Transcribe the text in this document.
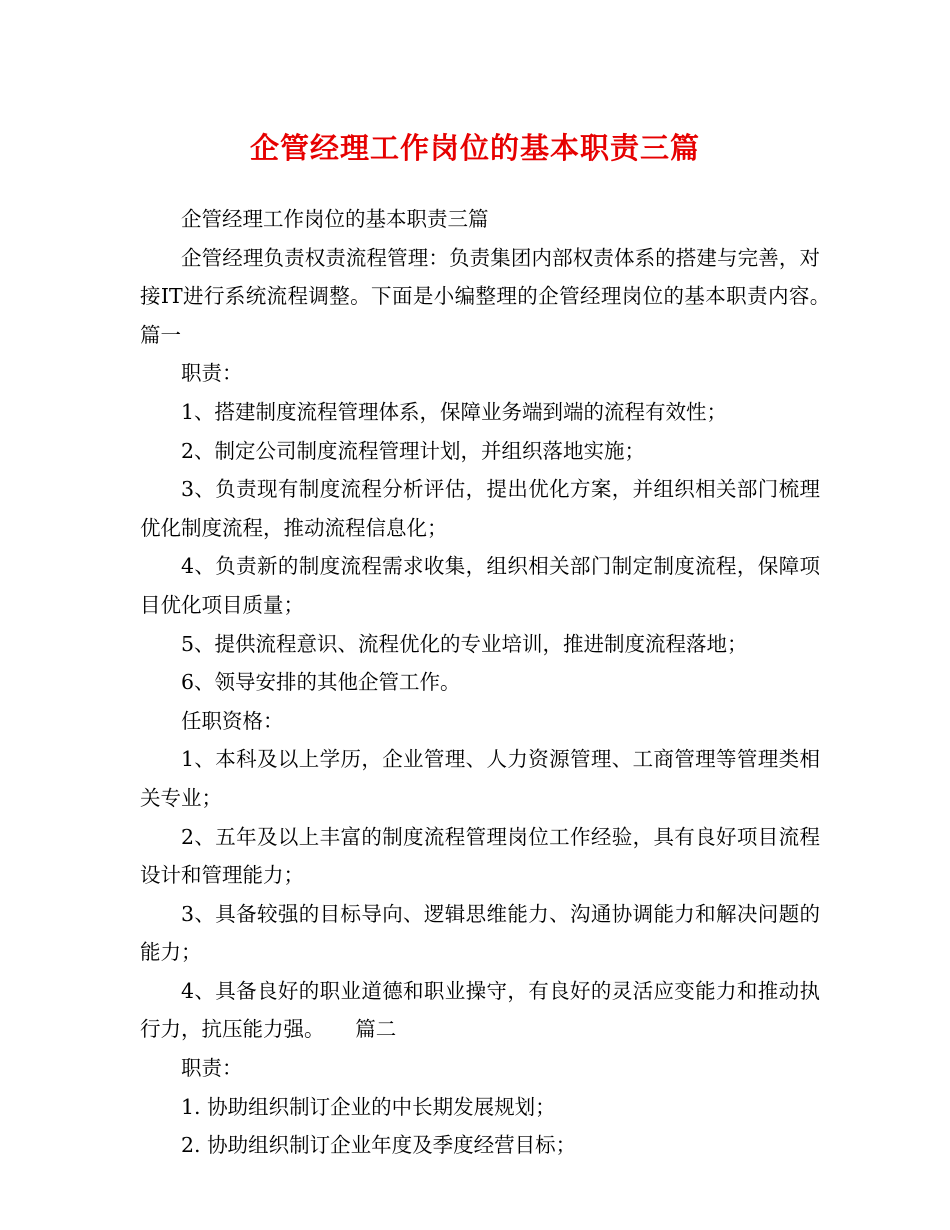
企管经理工作岗位的基本职责三篇

企管经理工作岗位的基本职责三篇

企管经理负责权责流程管理：负责集团内部权责体系的搭建与完善，对接IT进行系统流程调整。下面是小编整理的企管经理岗位的基本职责内容。　　篇一

职责：

1、搭建制度流程管理体系，保障业务端到端的流程有效性；

2、制定公司制度流程管理计划，并组织落地实施；

3、负责现有制度流程分析评估，提出优化方案，并组织相关部门梳理优化制度流程，推动流程信息化；

4、负责新的制度流程需求收集，组织相关部门制定制度流程，保障项目优化项目质量；

5、提供流程意识、流程优化的专业培训，推进制度流程落地；

6、领导安排的其他企管工作。

任职资格：

1、本科及以上学历，企业管理、人力资源管理、工商管理等管理类相关专业；

2、五年及以上丰富的制度流程管理岗位工作经验，具有良好项目流程设计和管理能力；

3、具备较强的目标导向、逻辑思维能力、沟通协调能力和解决问题的能力；

4、具备良好的职业道德和职业操守，有良好的灵活应变能力和推动执行力，抗压能力强。　　篇二

职责：

1. 协助组织制订企业的中长期发展规划；

2. 协助组织制订企业年度及季度经营目标；
